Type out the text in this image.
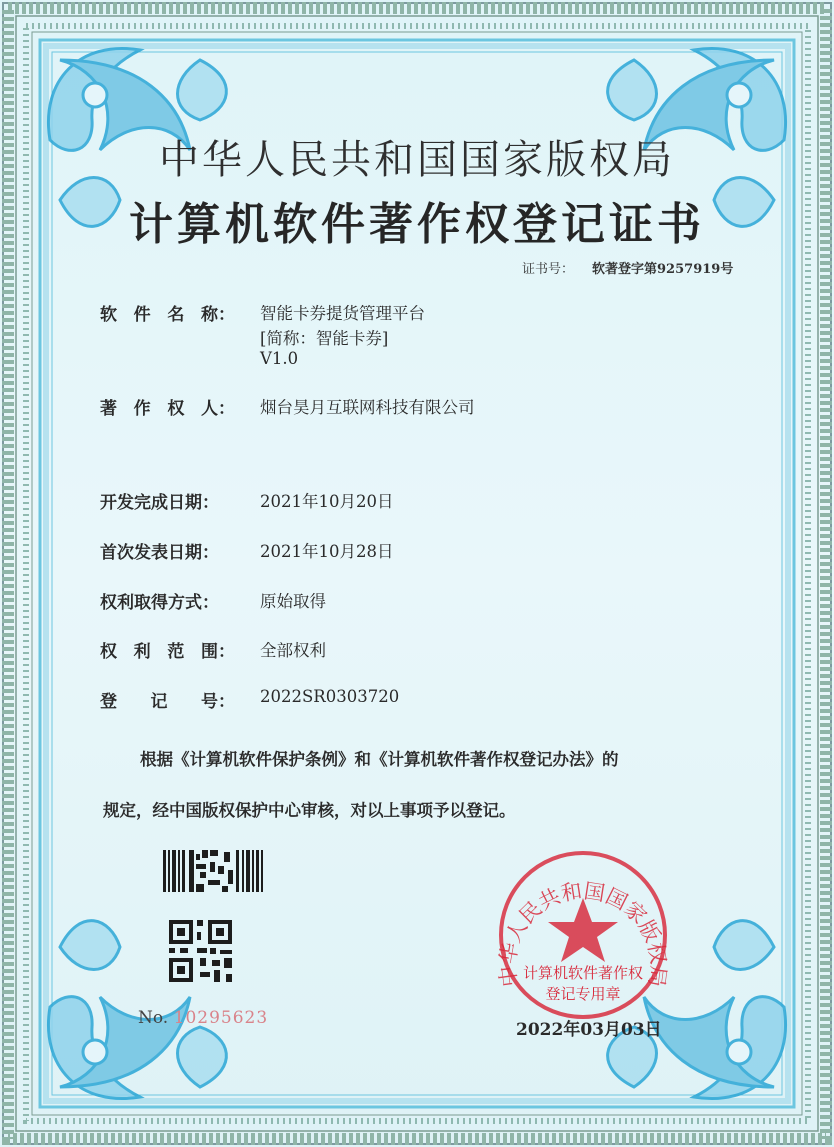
中华人民共和国国家版权局
计算机软件著作权登记证书
证书号： 软著登字第9257919号
软 件 名 称： 智能卡券提货管理平台
[简称：智能卡券]
V1.0
著 作 权 人： 烟台昊月互联网科技有限公司
开发完成日期： 2021年10月20日
首次发表日期： 2021年10月28日
权利取得方式： 原始取得
权 利 范 围： 全部权利
登 记 号： 2022SR0303720
根据《计算机软件保护条例》和《计算机软件著作权登记办法》的
规定，经中国版权保护中心审核，对以上事项予以登记。
No. 10295623
中华人民共和国国家版权局
计算机软件著作权
登记专用章
2022年03月03日
